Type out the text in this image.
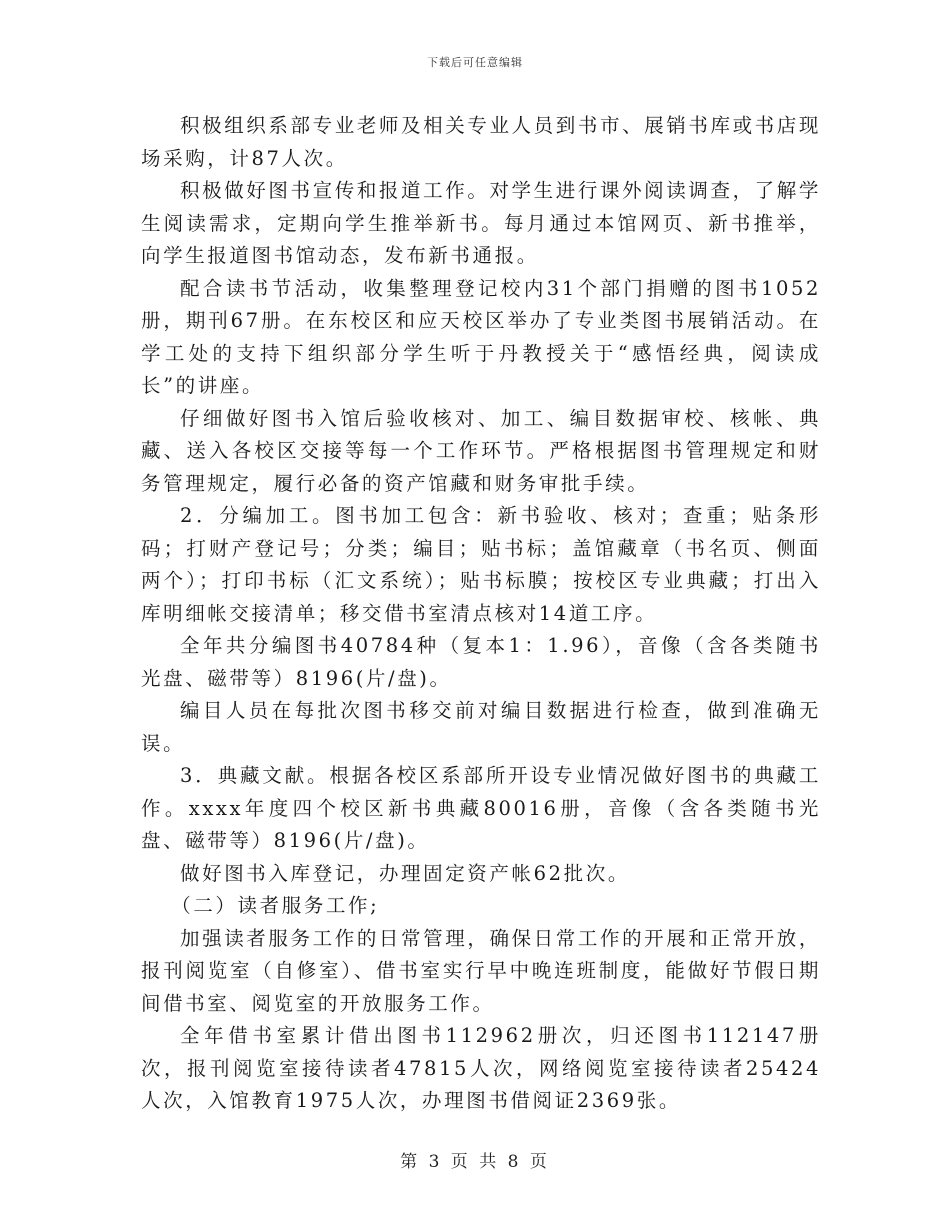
下载后可任意编辑

积极组织系部专业老师及相关专业人员到书市、展销书库或书店现场采购，计87人次。

积极做好图书宣传和报道工作。对学生进行课外阅读调查，了解学生阅读需求，定期向学生推举新书。每月通过本馆网页、新书推举，向学生报道图书馆动态，发布新书通报。

配合读书节活动，收集整理登记校内31个部门捐赠的图书1052册，期刊67册。在东校区和应天校区举办了专业类图书展销活动。在学工处的支持下组织部分学生听于丹教授关于“感悟经典，阅读成长”的讲座。

仔细做好图书入馆后验收核对、加工、编目数据审校、核帐、典藏、送入各校区交接等每一个工作环节。严格根据图书管理规定和财务管理规定，履行必备的资产馆藏和财务审批手续。

2．分编加工。图书加工包含：新书验收、核对；查重；贴条形码；打财产登记号；分类；编目；贴书标；盖馆藏章（书名页、侧面两个）；打印书标（汇文系统）；贴书标膜；按校区专业典藏；打出入库明细帐交接清单；移交借书室清点核对14道工序。

全年共分编图书40784种（复本1：1.96），音像（含各类随书光盘、磁带等）8196(片/盘)。

编目人员在每批次图书移交前对编目数据进行检查，做到准确无误。

3．典藏文献。根据各校区系部所开设专业情况做好图书的典藏工作。xxxx年度四个校区新书典藏80016册，音像（含各类随书光盘、磁带等）8196(片/盘)。

做好图书入库登记，办理固定资产帐62批次。

（二）读者服务工作;

加强读者服务工作的日常管理，确保日常工作的开展和正常开放，报刊阅览室（自修室）、借书室实行早中晚连班制度，能做好节假日期间借书室、阅览室的开放服务工作。

全年借书室累计借出图书112962册次，归还图书112147册次，报刊阅览室接待读者47815人次，网络阅览室接待读者25424人次，入馆教育1975人次，办理图书借阅证2369张。

第 3 页 共 8 页
